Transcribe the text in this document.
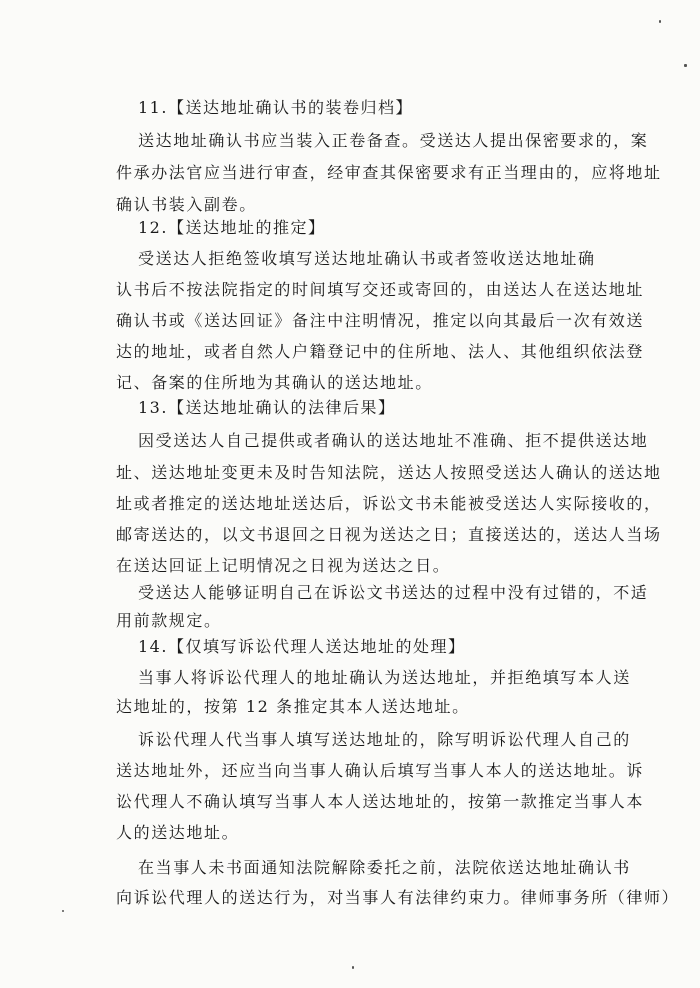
11.【送达地址确认书的装卷归档】
送达地址确认书应当装入正卷备查。受送达人提出保密要求的，案
件承办法官应当进行审查，经审查其保密要求有正当理由的，应将地址
确认书装入副卷。
12.【送达地址的推定】
受送达人拒绝签收填写送达地址确认书或者签收送达地址确
认书后不按法院指定的时间填写交还或寄回的，由送达人在送达地址
确认书或《送达回证》备注中注明情况，推定以向其最后一次有效送
达的地址，或者自然人户籍登记中的住所地、法人、其他组织依法登
记、备案的住所地为其确认的送达地址。
13.【送达地址确认的法律后果】
因受送达人自己提供或者确认的送达地址不准确、拒不提供送达地
址、送达地址变更未及时告知法院，送达人按照受送达人确认的送达地
址或者推定的送达地址送达后，诉讼文书未能被受送达人实际接收的，
邮寄送达的，以文书退回之日视为送达之日；直接送达的，送达人当场
在送达回证上记明情况之日视为送达之日。
受送达人能够证明自己在诉讼文书送达的过程中没有过错的，不适
用前款规定。
14.【仅填写诉讼代理人送达地址的处理】
当事人将诉讼代理人的地址确认为送达地址，并拒绝填写本人送
达地址的，按第 12 条推定其本人送达地址。
诉讼代理人代当事人填写送达地址的，除写明诉讼代理人自己的
送达地址外，还应当向当事人确认后填写当事人本人的送达地址。诉
讼代理人不确认填写当事人本人送达地址的，按第一款推定当事人本
人的送达地址。
在当事人未书面通知法院解除委托之前，法院依送达地址确认书
向诉讼代理人的送达行为，对当事人有法律约束力。律师事务所（律师）
